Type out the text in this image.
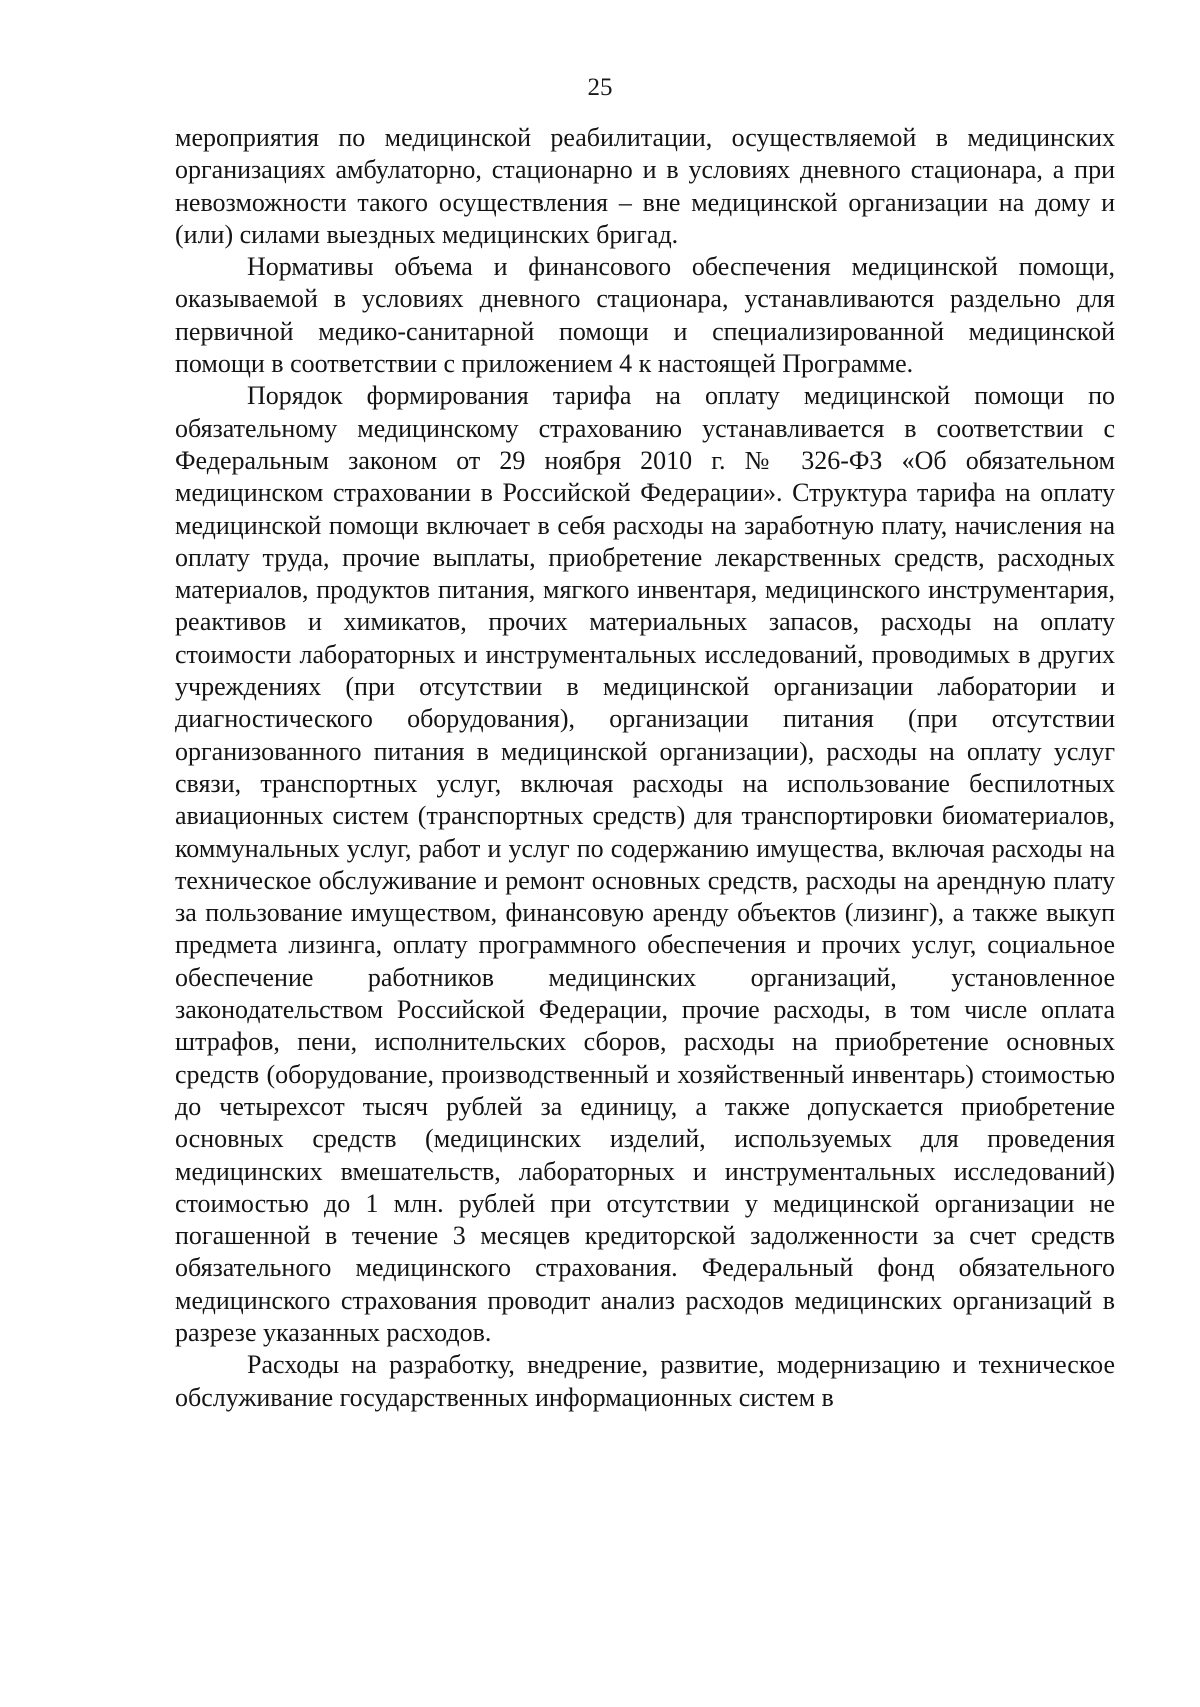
25

мероприятия по медицинской реабилитации, осуществляемой в медицинских организациях амбулаторно, стационарно и в условиях дневного стационара, а при невозможности такого осуществления – вне медицинской организации на дому и (или) силами выездных медицинских бригад.

Нормативы объема и финансового обеспечения медицинской помощи, оказываемой в условиях дневного стационара, устанавливаются раздельно для первичной медико-санитарной помощи и специализированной медицинской помощи в соответствии с приложением 4 к настоящей Программе.

Порядок формирования тарифа на оплату медицинской помощи по обязательному медицинскому страхованию устанавливается в соответствии с Федеральным законом от 29 ноября 2010 г. № 326-ФЗ «Об обязательном медицинском страховании в Российской Федерации». Структура тарифа на оплату медицинской помощи включает в себя расходы на заработную плату, начисления на оплату труда, прочие выплаты, приобретение лекарственных средств, расходных материалов, продуктов питания, мягкого инвентаря, медицинского инструментария, реактивов и химикатов, прочих материальных запасов, расходы на оплату стоимости лабораторных и инструментальных исследований, проводимых в других учреждениях (при отсутствии в медицинской организации лаборатории и диагностического оборудования), организации питания (при отсутствии организованного питания в медицинской организации), расходы на оплату услуг связи, транспортных услуг, включая расходы на использование беспилотных авиационных систем (транспортных средств) для транспортировки биоматериалов, коммунальных услуг, работ и услуг по содержанию имущества, включая расходы на техническое обслуживание и ремонт основных средств, расходы на арендную плату за пользование имуществом, финансовую аренду объектов (лизинг), а также выкуп предмета лизинга, оплату программного обеспечения и прочих услуг, социальное обеспечение работников медицинских организаций, установленное законодательством Российской Федерации, прочие расходы, в том числе оплата штрафов, пени, исполнительских сборов, расходы на приобретение основных средств (оборудование, производственный и хозяйственный инвентарь) стоимостью до четырехсот тысяч рублей за единицу, а также допускается приобретение основных средств (медицинских изделий, используемых для проведения медицинских вмешательств, лабораторных и инструментальных исследований) стоимостью до 1 млн. рублей при отсутствии у медицинской организации не погашенной в течение 3 месяцев кредиторской задолженности за счет средств обязательного медицинского страхования. Федеральный фонд обязательного медицинского страхования проводит анализ расходов медицинских организаций в разрезе указанных расходов.

Расходы на разработку, внедрение, развитие, модернизацию и техническое обслуживание государственных информационных систем в
